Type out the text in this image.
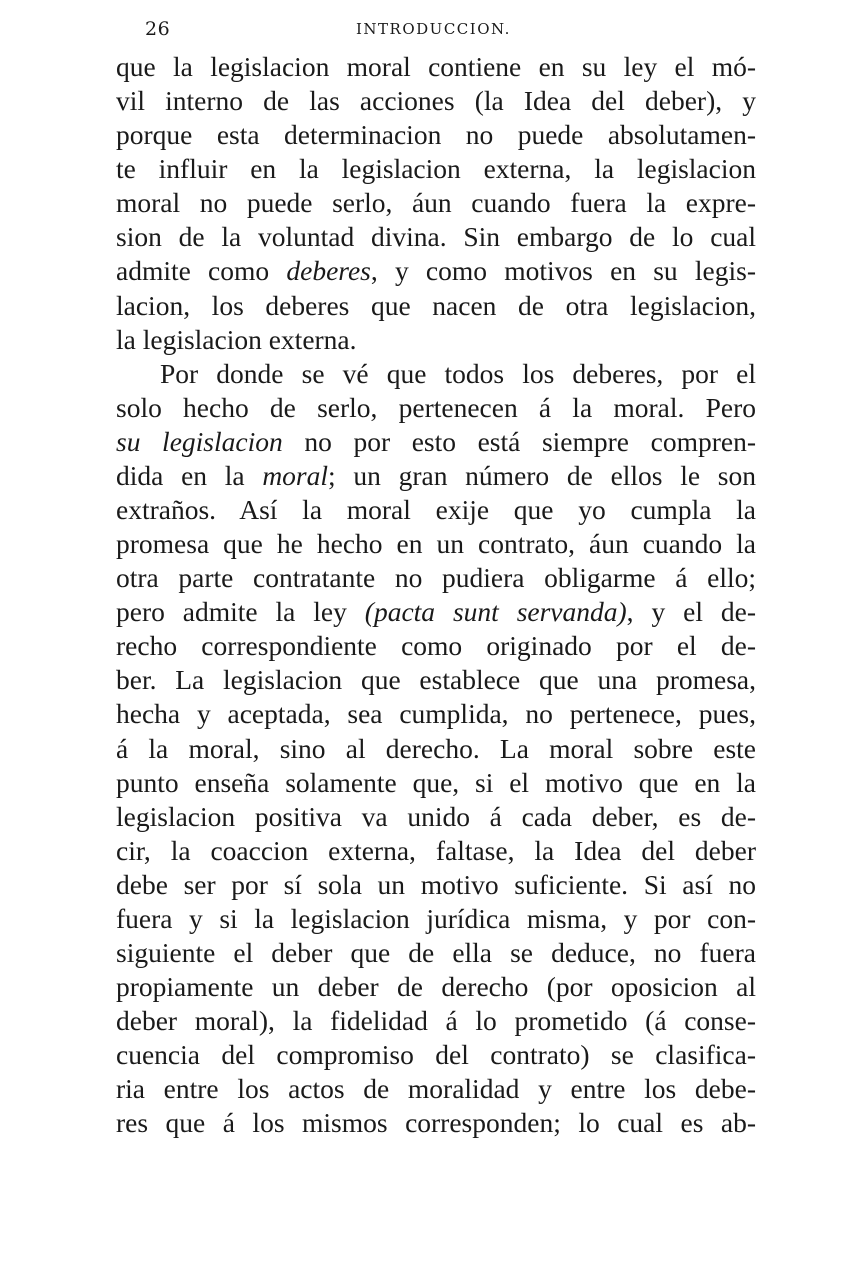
26	INTRODUCCION.
que la legislacion moral contiene en su ley el mó-
vil interno de las acciones (la Idea del deber), y
porque esta determinacion no puede absolutamen-
te influir en la legislacion externa, la legislacion
moral no puede serlo, áun cuando fuera la expre-
sion de la voluntad divina. Sin embargo de lo cual
admite como deberes, y como motivos en su legis-
lacion, los deberes que nacen de otra legislacion,
la legislacion externa.
Por donde se vé que todos los deberes, por el
solo hecho de serlo, pertenecen á la moral. Pero
su legislacion no por esto está siempre compren-
dida en la moral; un gran número de ellos le son
extraños. Así la moral exije que yo cumpla la
promesa que he hecho en un contrato, áun cuando la
otra parte contratante no pudiera obligarme á ello;
pero admite la ley (pacta sunt servanda), y el de-
recho correspondiente como originado por el de-
ber. La legislacion que establece que una promesa,
hecha y aceptada, sea cumplida, no pertenece, pues,
á la moral, sino al derecho. La moral sobre este
punto enseña solamente que, si el motivo que en la
legislacion positiva va unido á cada deber, es de-
cir, la coaccion externa, faltase, la Idea del deber
debe ser por sí sola un motivo suficiente. Si así no
fuera y si la legislacion jurídica misma, y por con-
siguiente el deber que de ella se deduce, no fuera
propiamente un deber de derecho (por oposicion al
deber moral), la fidelidad á lo prometido (á conse-
cuencia del compromiso del contrato) se clasifica-
ria entre los actos de moralidad y entre los debe-
res que á los mismos corresponden; lo cual es ab-
